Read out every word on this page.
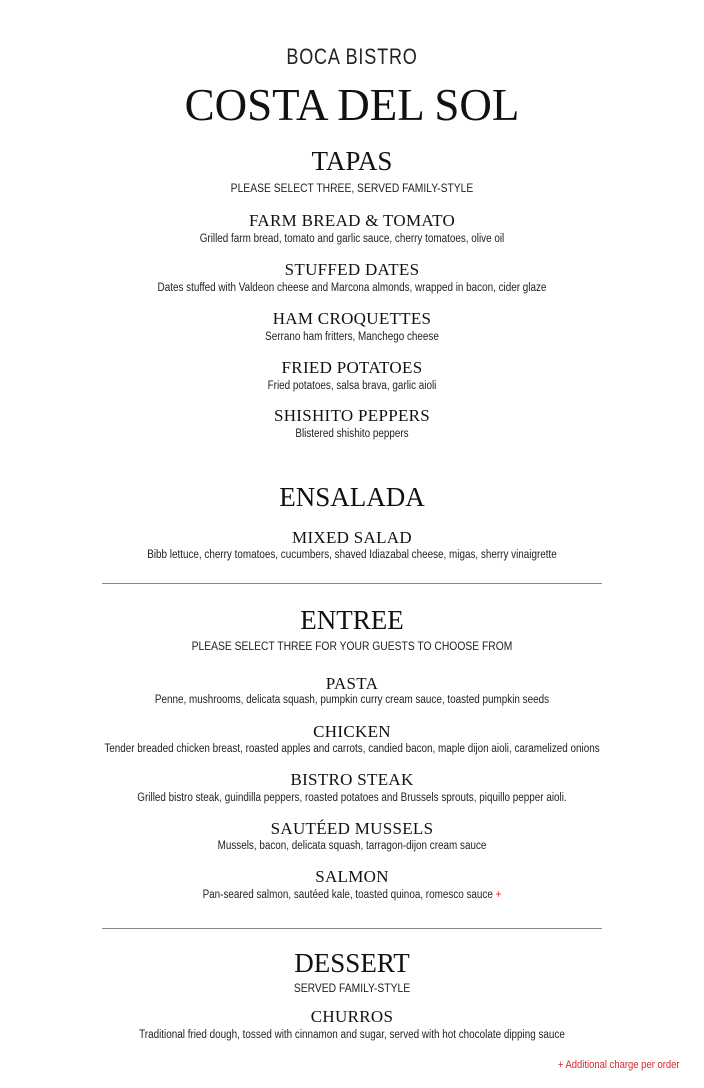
BOCA BISTRO
COSTA DEL SOL
TAPAS
PLEASE SELECT THREE, SERVED FAMILY-STYLE
FARM BREAD & TOMATO
Grilled farm bread, tomato and garlic sauce, cherry tomatoes, olive oil
STUFFED DATES
Dates stuffed with Valdeon cheese and Marcona almonds, wrapped in bacon, cider glaze
HAM CROQUETTES
Serrano ham fritters, Manchego cheese
FRIED POTATOES
Fried potatoes, salsa brava, garlic aioli
SHISHITO PEPPERS
Blistered shishito peppers
ENSALADA
MIXED SALAD
Bibb lettuce, cherry tomatoes, cucumbers, shaved Idiazabal cheese, migas, sherry vinaigrette
ENTREE
PLEASE SELECT THREE FOR YOUR GUESTS TO CHOOSE FROM
PASTA
Penne, mushrooms, delicata squash, pumpkin curry cream sauce, toasted pumpkin seeds
CHICKEN
Tender breaded chicken breast, roasted apples and carrots, candied bacon, maple dijon aioli, caramelized onions
BISTRO STEAK
Grilled bistro steak, guindilla peppers, roasted potatoes and Brussels sprouts, piquillo pepper aioli.
SAUTÉED MUSSELS
Mussels, bacon, delicata squash, tarragon-dijon cream sauce
SALMON
Pan-seared salmon, sautéed kale, toasted quinoa, romesco sauce +
DESSERT
SERVED FAMILY-STYLE
CHURROS
Traditional fried dough, tossed with cinnamon and sugar, served with hot chocolate dipping sauce
+ Additional charge per order
